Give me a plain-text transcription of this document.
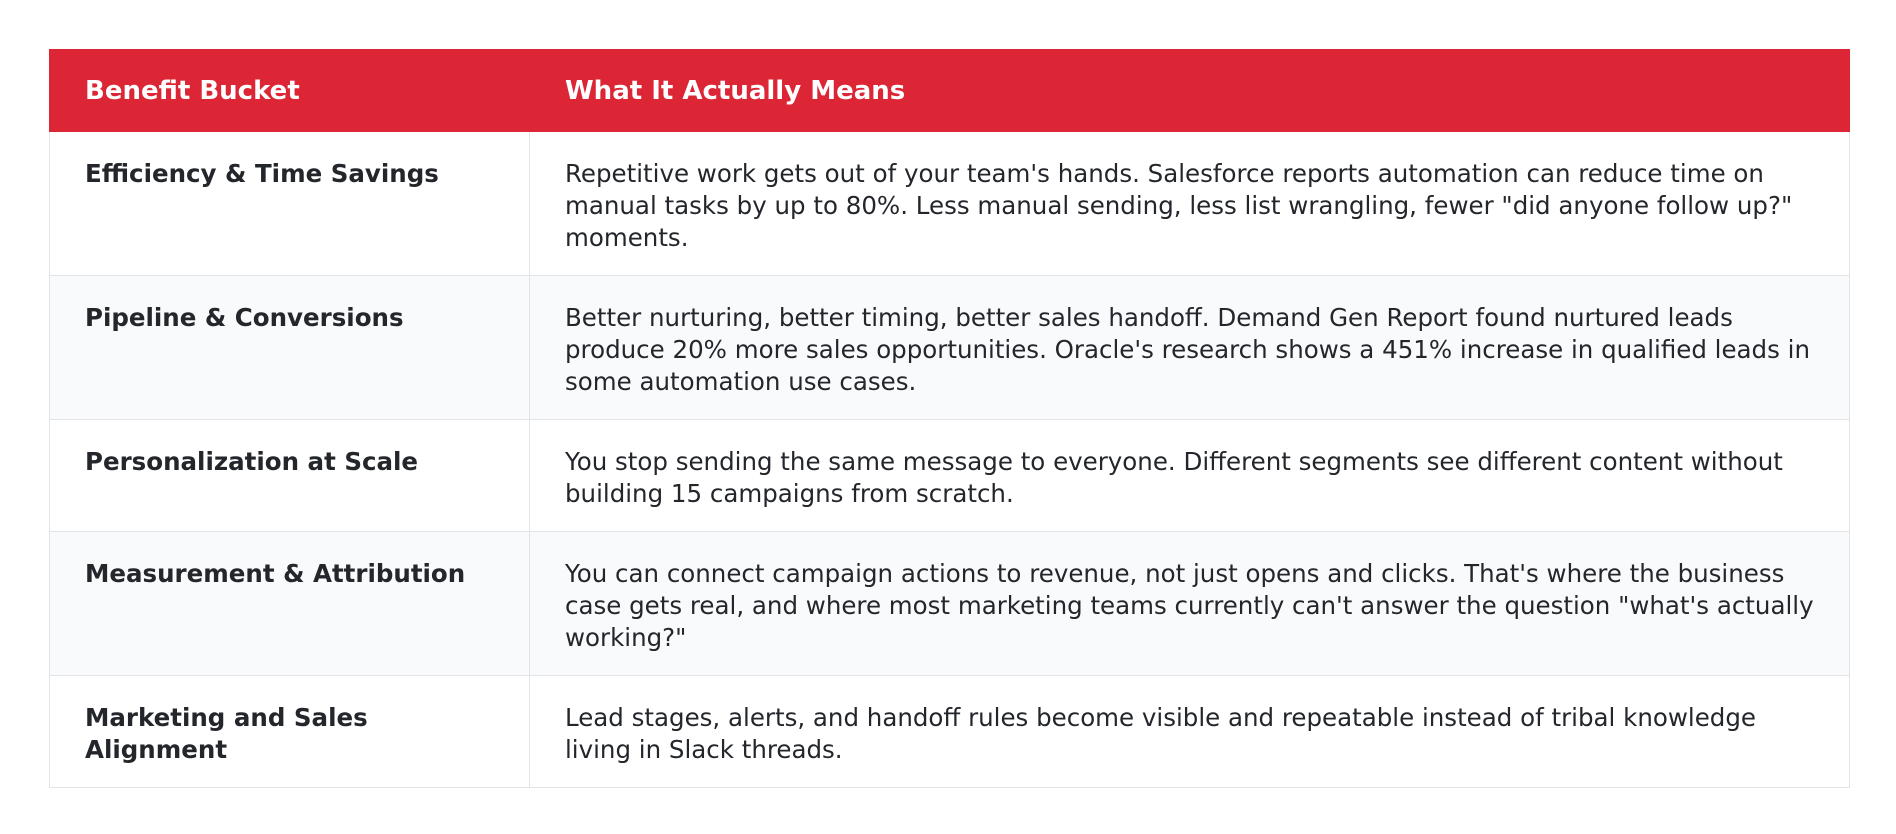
Benefit Bucket	What It Actually Means
Efficiency & Time Savings	Repetitive work gets out of your team's hands. Salesforce reports automation can reduce time on manual tasks by up to 80%. Less manual sending, less list wrangling, fewer "did anyone follow up?" moments.
Pipeline & Conversions	Better nurturing, better timing, better sales handoff. Demand Gen Report found nurtured leads produce 20% more sales opportunities. Oracle's research shows a 451% increase in qualified leads in some automation use cases.
Personalization at Scale	You stop sending the same message to everyone. Different segments see different content without building 15 campaigns from scratch.
Measurement & Attribution	You can connect campaign actions to revenue, not just opens and clicks. That's where the business case gets real, and where most marketing teams currently can't answer the question "what's actually working?"
Marketing and Sales Alignment	Lead stages, alerts, and handoff rules become visible and repeatable instead of tribal knowledge living in Slack threads.
